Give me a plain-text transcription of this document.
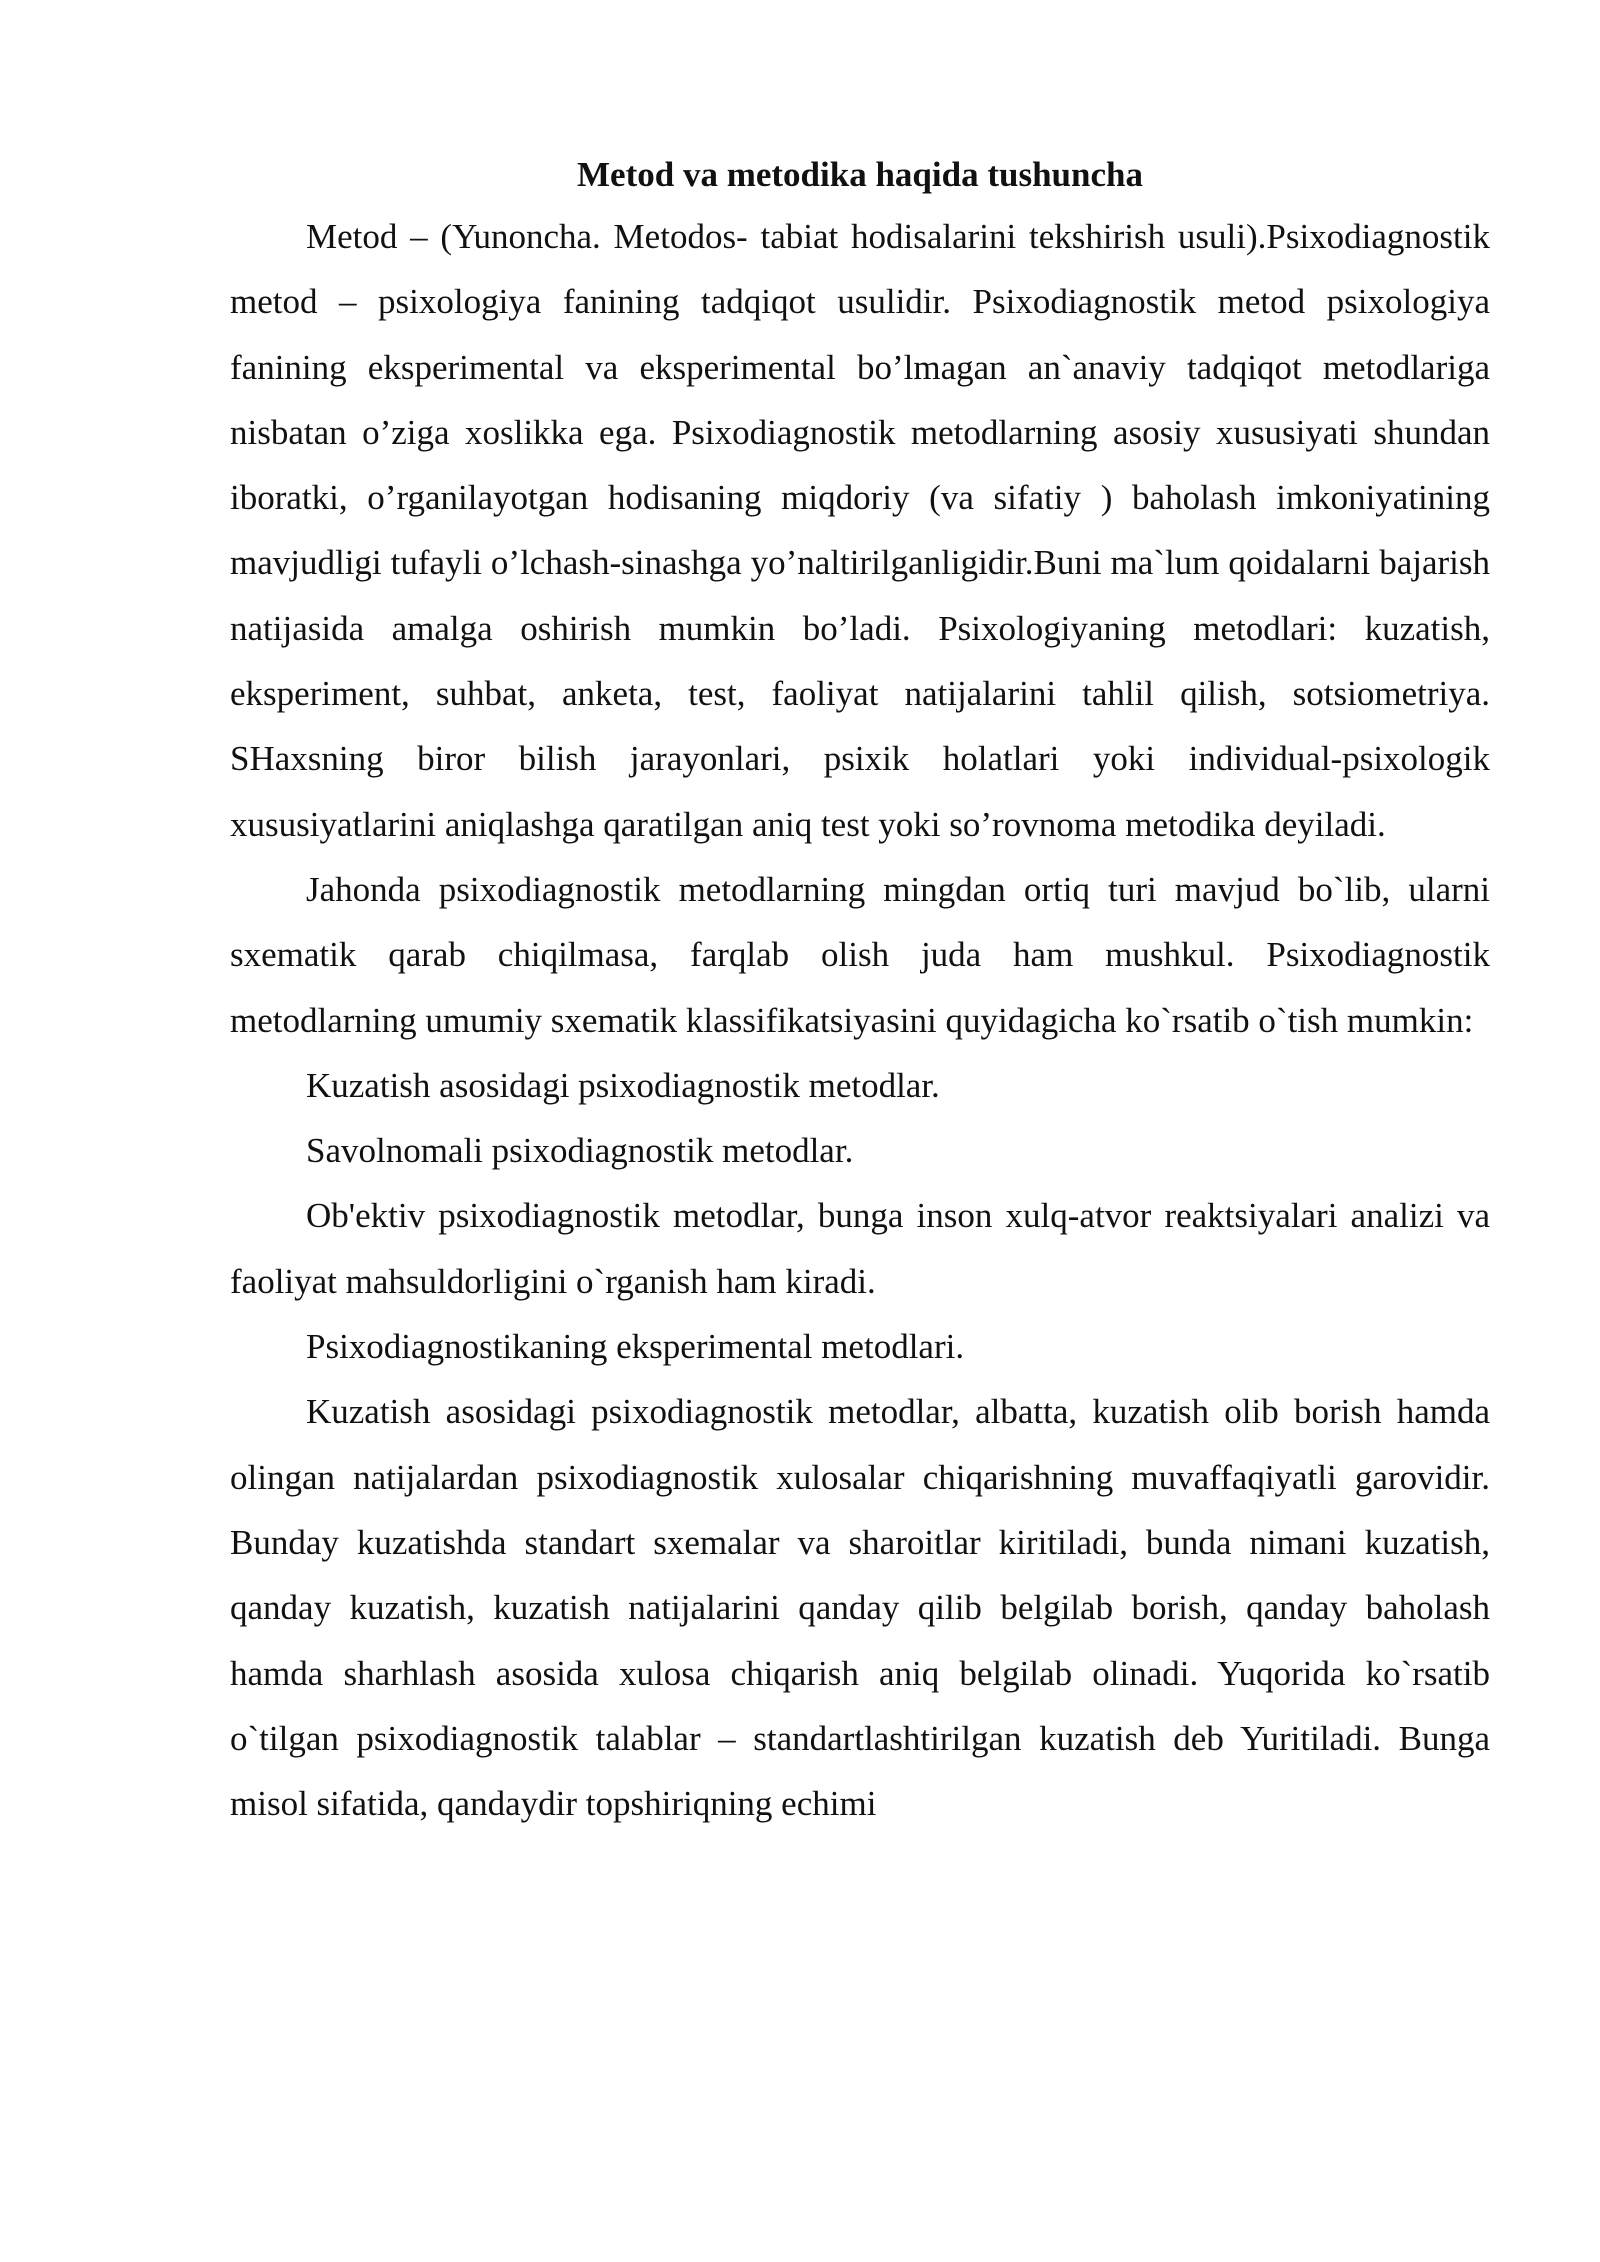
Metod va metodika haqida tushuncha

Metod – (Yunoncha. Metodos- tabiat hodisalarini tekshirish usuli).Psixodiagnostik metod – psixologiya fanining tadqiqot usulidir. Psixodiagnostik metod psixologiya fanining eksperimental va eksperimental bo’lmagan an`anaviy tadqiqot metodlariga nisbatan o’ziga xoslikka ega. Psixodiagnostik metodlarning asosiy xususiyati shundan iboratki, o’rganilayotgan hodisaning miqdoriy (va sifatiy ) baholash imkoniyatining mavjudligi tufayli o’lchash-sinashga yo’naltirilganligidir.Buni ma`lum qoidalarni bajarish natijasida amalga oshirish mumkin bo’ladi. Psixologiyaning metodlari: kuzatish, eksperiment, suhbat, anketa, test, faoliyat natijalarini tahlil qilish, sotsiometriya. SHaxsning biror bilish jarayonlari, psixik holatlari yoki individual-psixologik xususiyatlarini aniqlashga qaratilgan aniq test yoki so’rovnoma metodika deyiladi.

Jahonda psixodiagnostik metodlarning mingdan ortiq turi mavjud bo`lib, ularni sxematik qarab chiqilmasa, farqlab olish juda ham mushkul. Psixodiagnostik metodlarning umumiy sxematik klassifikatsiyasini quyidagicha ko`rsatib o`tish mumkin:

Kuzatish asosidagi psixodiagnostik metodlar.

Savolnomali psixodiagnostik metodlar.

Ob'ektiv psixodiagnostik metodlar, bunga inson xulq-atvor reaktsiyalari analizi va faoliyat mahsuldorligini o`rganish ham kiradi.

Psixodiagnostikaning eksperimental metodlari.

Kuzatish asosidagi psixodiagnostik metodlar, albatta, kuzatish olib borish hamda olingan natijalardan psixodiagnostik xulosalar chiqarishning muvaffaqiyatli garovidir. Bunday kuzatishda standart sxemalar va sharoitlar kiritiladi, bunda nimani kuzatish, qanday kuzatish, kuzatish natijalarini qanday qilib belgilab borish, qanday baholash hamda sharhlash asosida xulosa chiqarish aniq belgilab olinadi. Yuqorida ko`rsatib o`tilgan psixodiagnostik talablar – standartlashtirilgan kuzatish deb Yuritiladi. Bunga misol sifatida, qandaydir topshiriqning echimi
